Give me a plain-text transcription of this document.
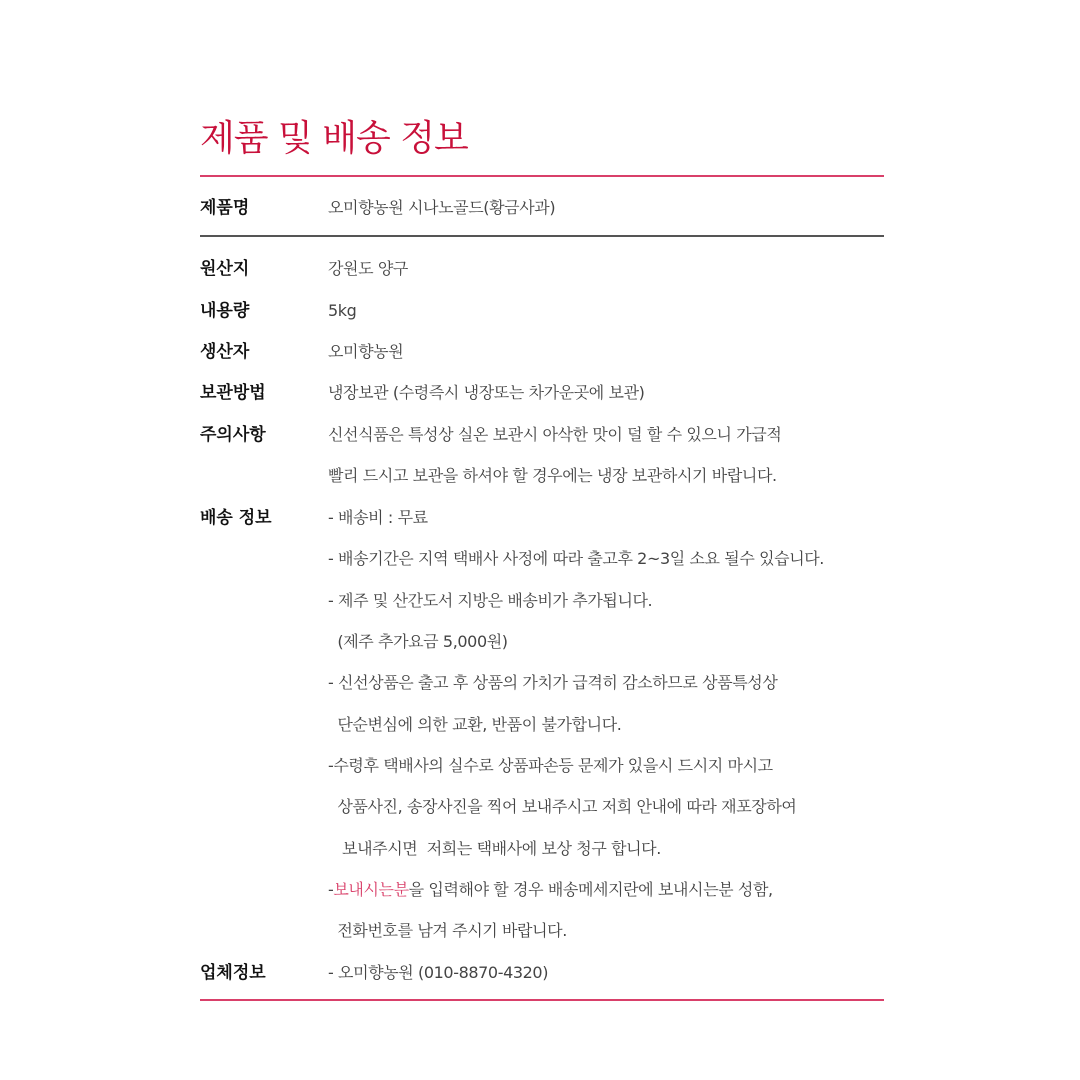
제품 및 배송 정보
제품명	오미향농원 시나노골드(황금사과)
원산지	강원도 양구
내용량	5kg
생산자	오미향농원
보관방법	냉장보관 (수령즉시 냉장또는 차가운곳에 보관)
주의사항	신선식품은 특성상 실온 보관시 아삭한 맛이 덜 할 수 있으니 가급적
빨리 드시고 보관을 하셔야 할 경우에는 냉장 보관하시기 바랍니다.
배송 정보	- 배송비 : 무료
- 배송기간은 지역 택배사 사정에 따라 출고후 2~3일 소요 될수 있습니다.
- 제주 및 산간도서 지방은 배송비가 추가됩니다.
(제주 추가요금 5,000원)
- 신선상품은 출고 후 상품의 가치가 급격히 감소하므로 상품특성상
단순변심에 의한 교환, 반품이 불가합니다.
-수령후 택배사의 실수로 상품파손등 문제가 있을시 드시지 마시고
상품사진, 송장사진을 찍어 보내주시고 저희 안내에 따라 재포장하여
보내주시면  저희는 택배사에 보상 청구 합니다.
-보내시는분을 입력해야 할 경우 배송메세지란에 보내시는분 성함,
전화번호를 남겨 주시기 바랍니다.
업체정보	- 오미향농원 (010-8870-4320)
